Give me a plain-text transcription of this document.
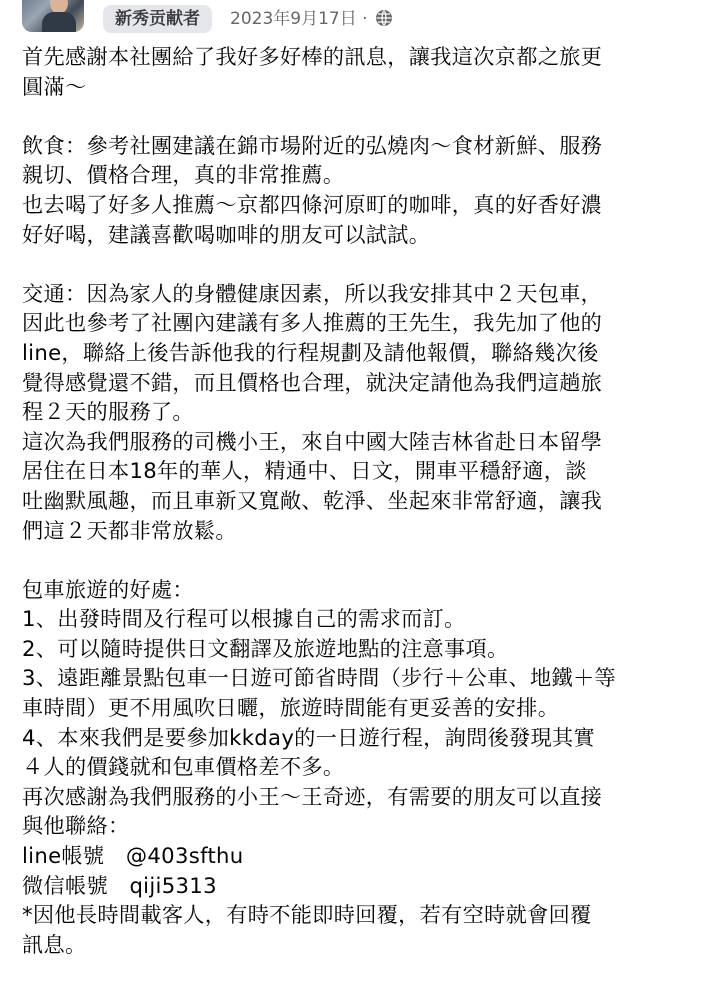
新秀贡献者	2023年9月17日 ·
首先感謝本社團給了我好多好棒的訊息，讓我這次京都之旅更
圓滿～
飲食：參考社團建議在錦市場附近的弘燒肉～食材新鮮、服務
親切、價格合理，真的非常推薦。
也去喝了好多人推薦～京都四條河原町的咖啡，真的好香好濃
好好喝，建議喜歡喝咖啡的朋友可以試試。
交通：因為家人的身體健康因素，所以我安排其中２天包車，
因此也參考了社團內建議有多人推薦的王先生，我先加了他的
line，聯絡上後告訴他我的行程規劃及請他報價，聯絡幾次後
覺得感覺還不錯，而且價格也合理，就決定請他為我們這趟旅
程２天的服務了。
這次為我們服務的司機小王，來自中國大陸吉林省赴日本留學
居住在日本18年的華人，精通中、日文，開車平穩舒適，談
吐幽默風趣，而且車新又寬敞、乾淨、坐起來非常舒適，讓我
們這２天都非常放鬆。
包車旅遊的好處：
1、出發時間及行程可以根據自己的需求而訂。
2、可以隨時提供日文翻譯及旅遊地點的注意事項。
3、遠距離景點包車一日遊可節省時間（步行＋公車、地鐵＋等
車時間）更不用風吹日曬，旅遊時間能有更妥善的安排。
4、本來我們是要參加kkday的一日遊行程，詢問後發現其實
４人的價錢就和包車價格差不多。
再次感謝為我們服務的小王～王奇迹，有需要的朋友可以直接
與他聯絡：
line帳號　@403sfthu
微信帳號　qiji5313
*因他長時間載客人，有時不能即時回覆，若有空時就會回覆
訊息。
